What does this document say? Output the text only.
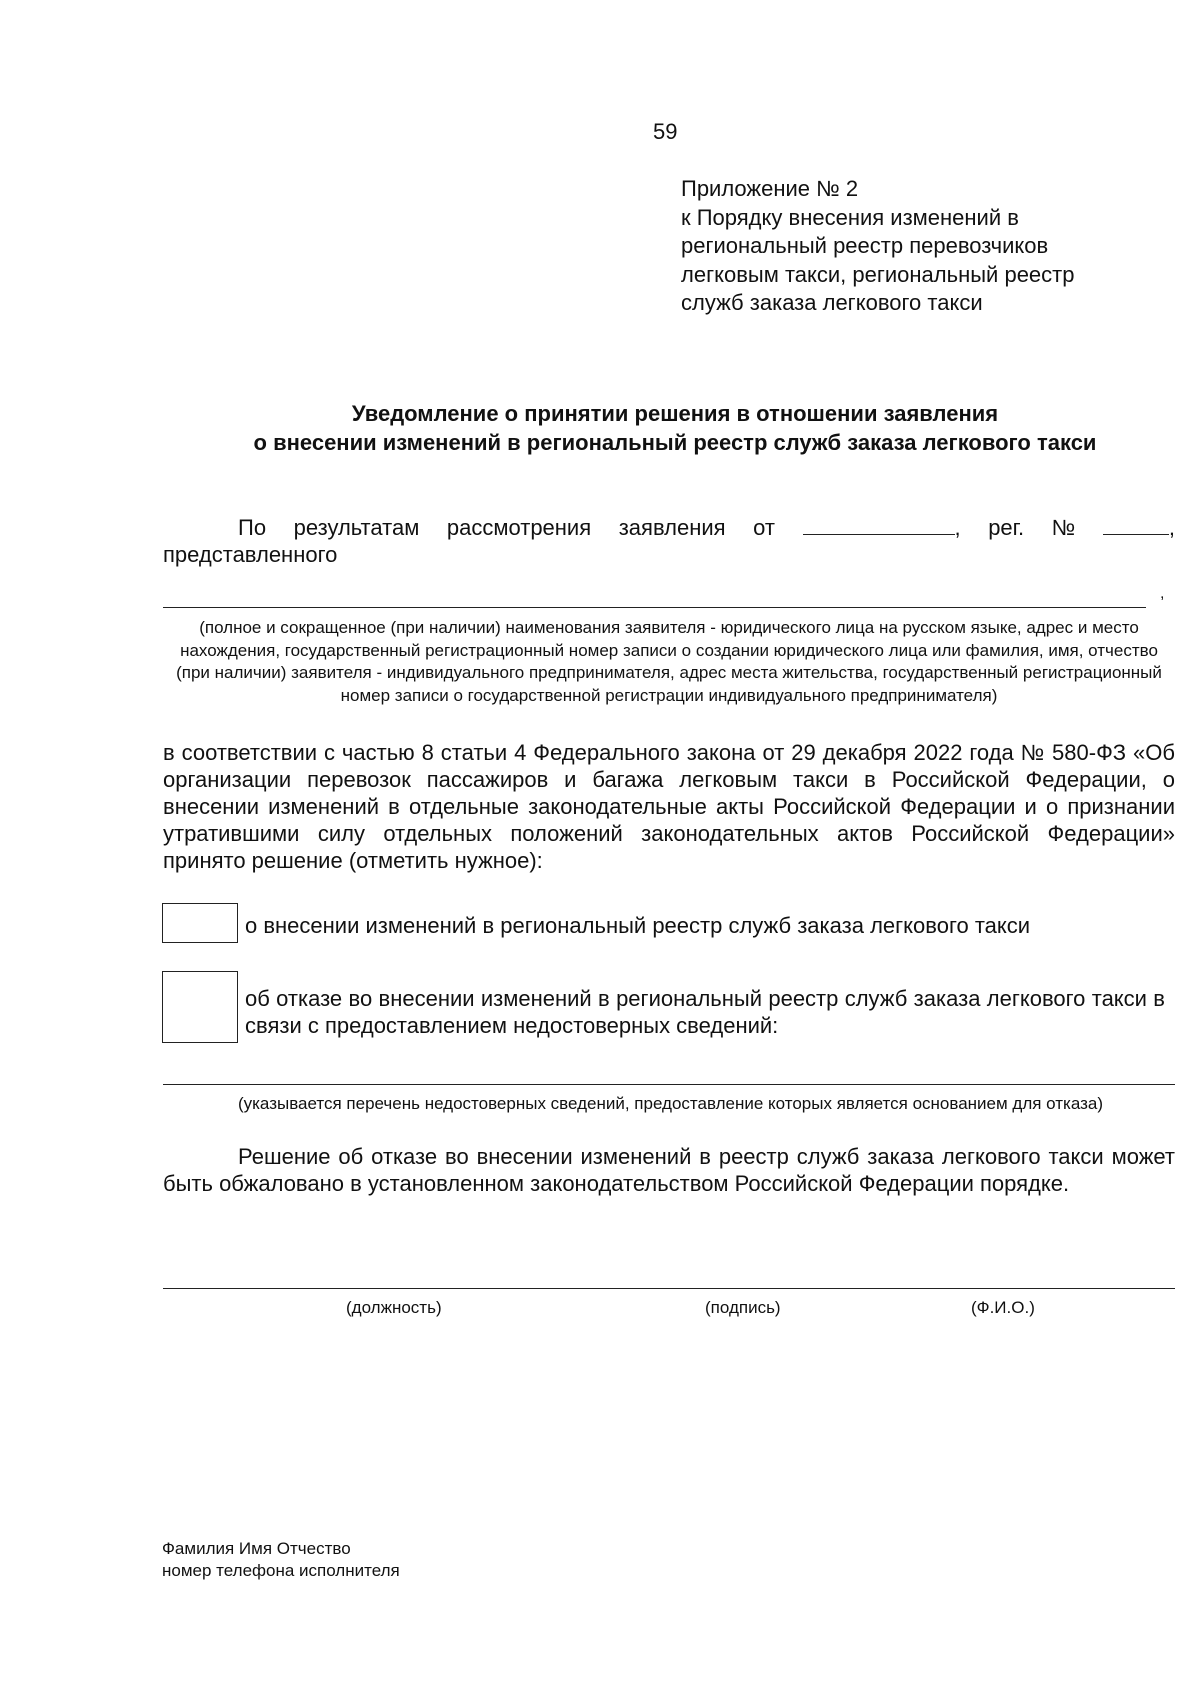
59
Приложение № 2
к Порядку внесения изменений в
региональный реестр перевозчиков
легковым такси, региональный реестр
служб заказа легкового такси
Уведомление о принятии решения в отношении заявления
о внесении изменений в региональный реестр служб заказа легкового такси
По результатам рассмотрения заявления от	, рег. №	,
представленного
,
(полное и сокращенное (при наличии) наименования заявителя - юридического лица на русском языке, адрес и место нахождения, государственный регистрационный номер записи о создании юридического лица или фамилия, имя, отчество (при наличии) заявителя - индивидуального предпринимателя, адрес места жительства, государственный регистрационный номер записи о государственной регистрации индивидуального предпринимателя)
в соответствии с частью 8 статьи 4 Федерального закона от 29 декабря 2022 года № 580-ФЗ «Об организации перевозок пассажиров и багажа легковым такси в Российской Федерации, о внесении изменений в отдельные законодательные акты Российской Федерации и о признании утратившими силу отдельных положений законодательных актов Российской Федерации» принято решение (отметить нужное):
о внесении изменений в региональный реестр служб заказа легкового такси
об отказе во внесении изменений в региональный реестр служб заказа легкового такси в связи с предоставлением недостоверных сведений:
(указывается перечень недостоверных сведений, предоставление которых является основанием для отказа)
Решение об отказе во внесении изменений в реестр служб заказа легкового такси может быть обжаловано в установленном законодательством Российской Федерации порядке.
(должность)	(подпись)	(Ф.И.О.)
Фамилия Имя Отчество
номер телефона исполнителя
